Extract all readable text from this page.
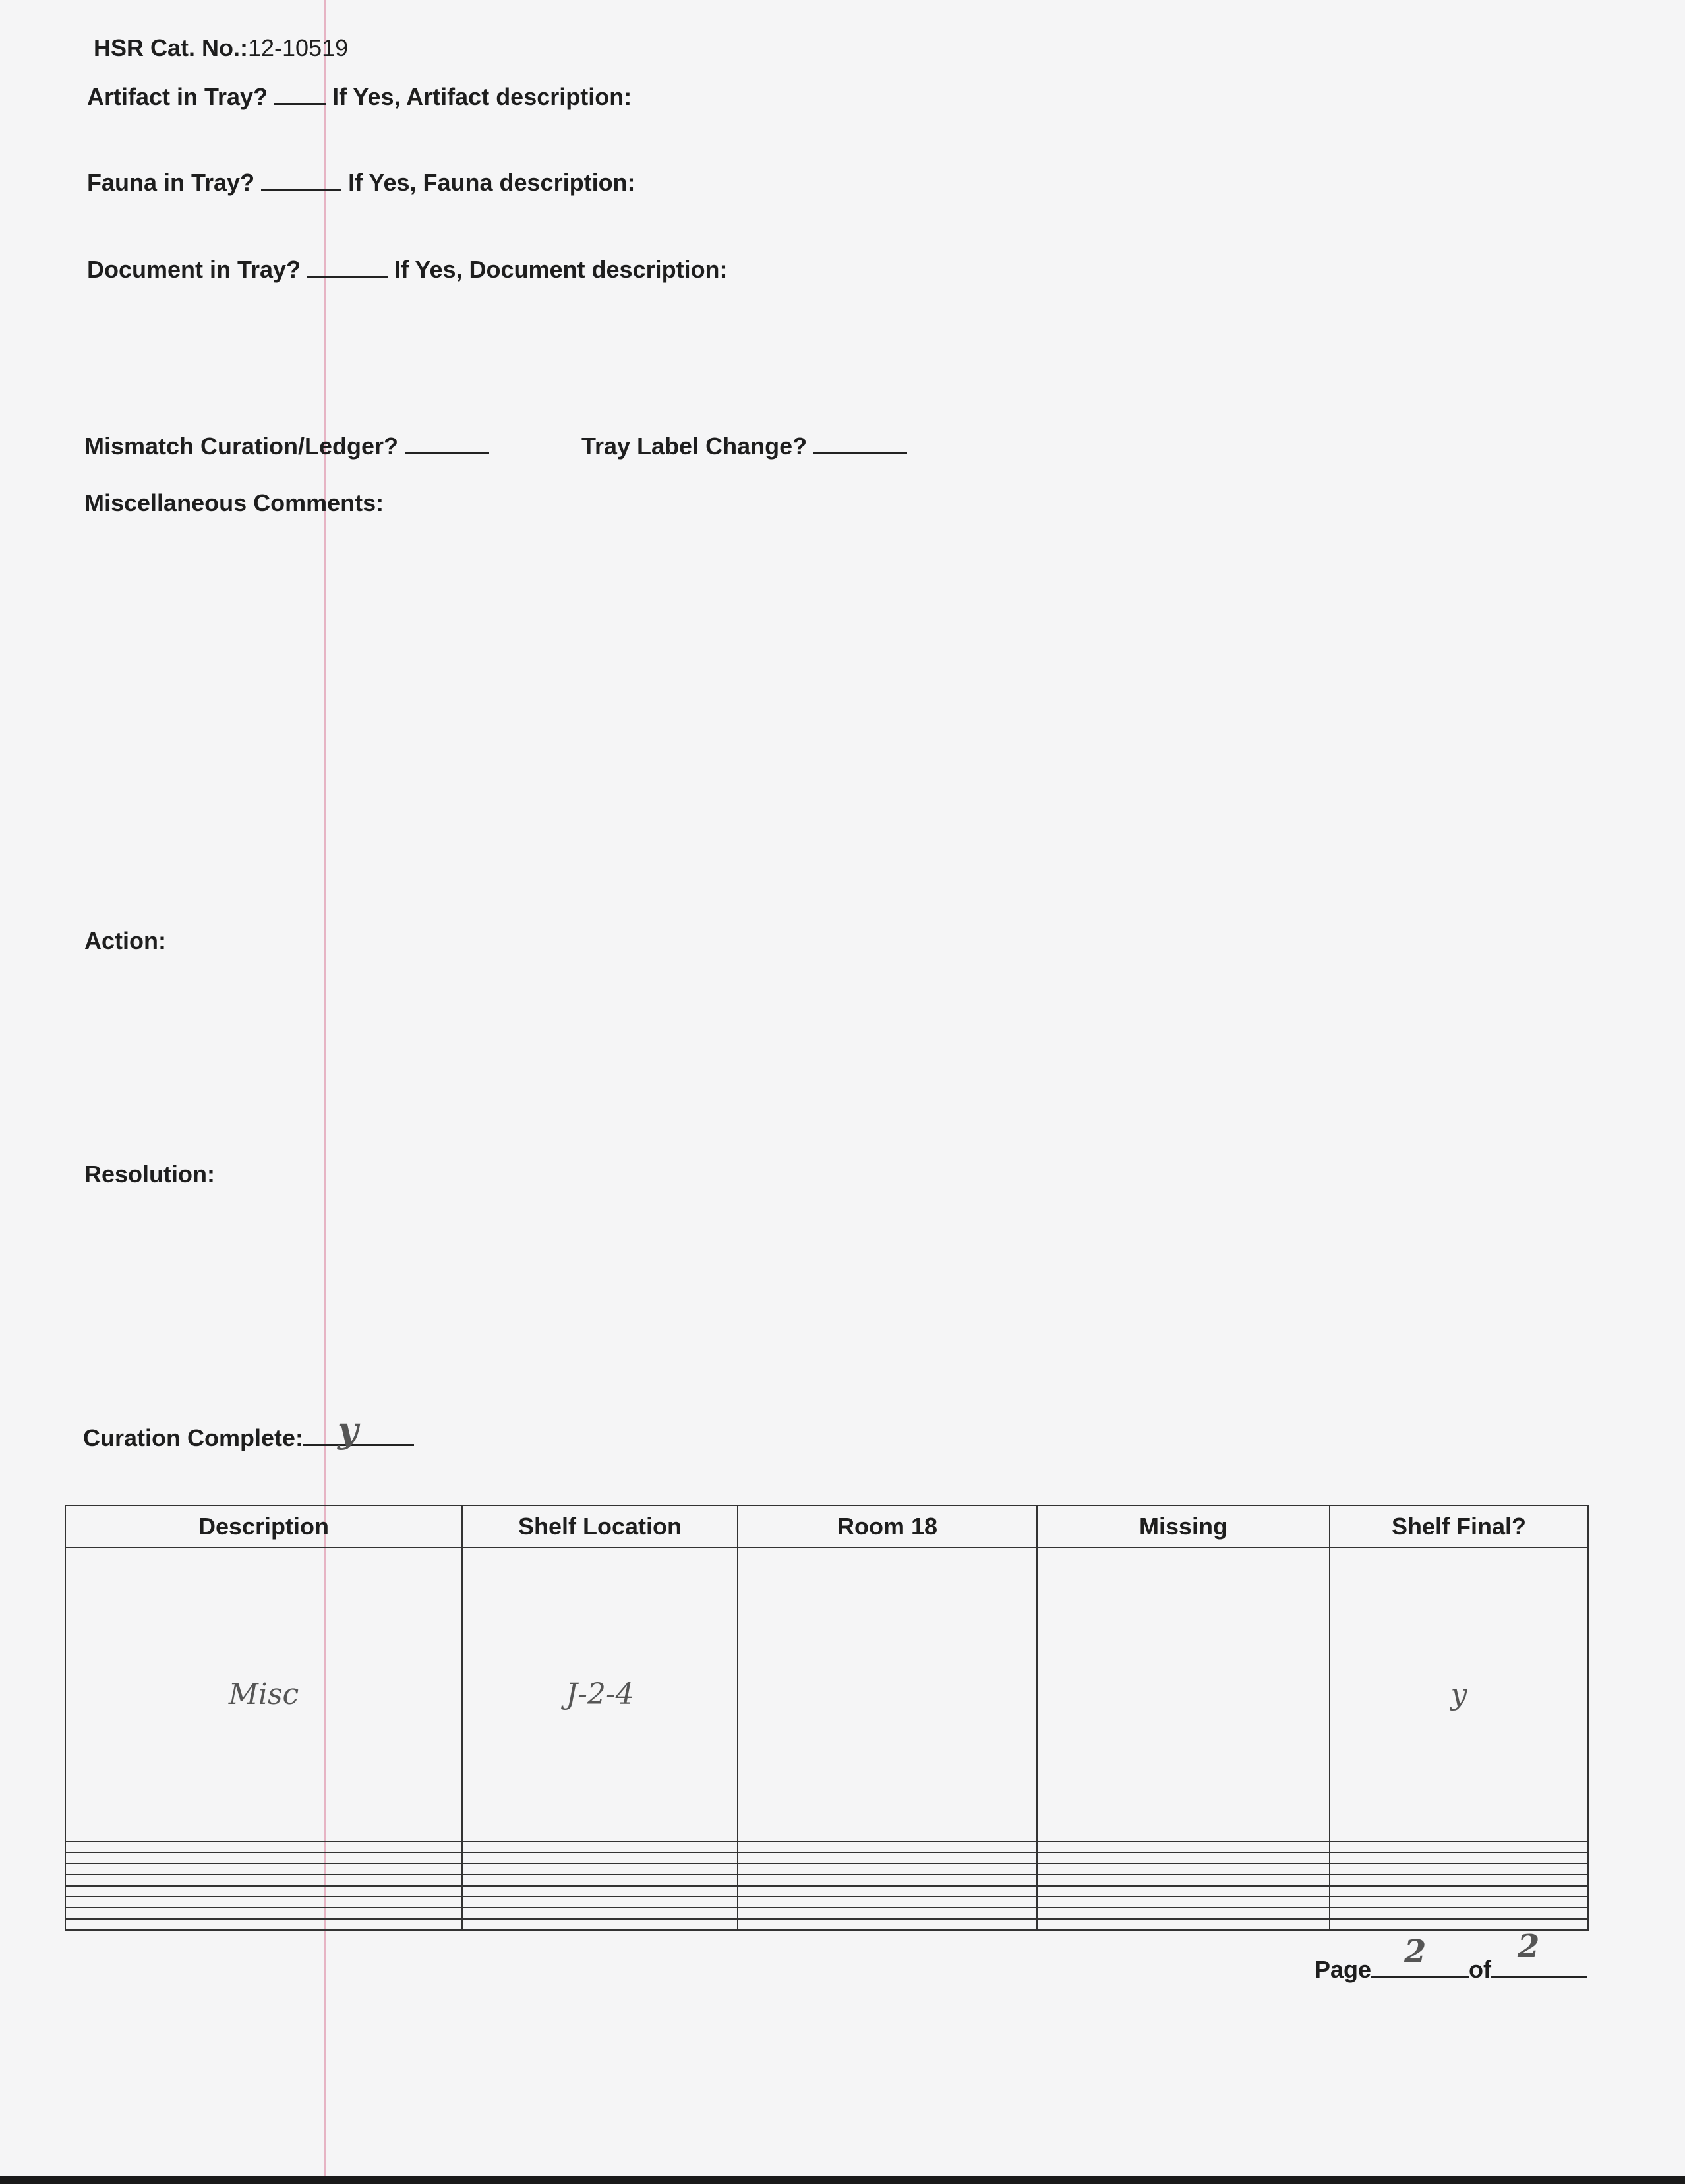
HSR Cat. No.:12-10519
Artifact in Tray?	If Yes, Artifact description:
Fauna in Tray?	If Yes, Fauna description:
Document in Tray?	If Yes, Document description:
Mismatch Curation/Ledger?	Tray Label Change?
Miscellaneous Comments:
Action:
Resolution:
Curation Complete: y
Description	Shelf Location	Room 18	Missing	Shelf Final?
Misc	J-2-4			y

Page 2 of
2
